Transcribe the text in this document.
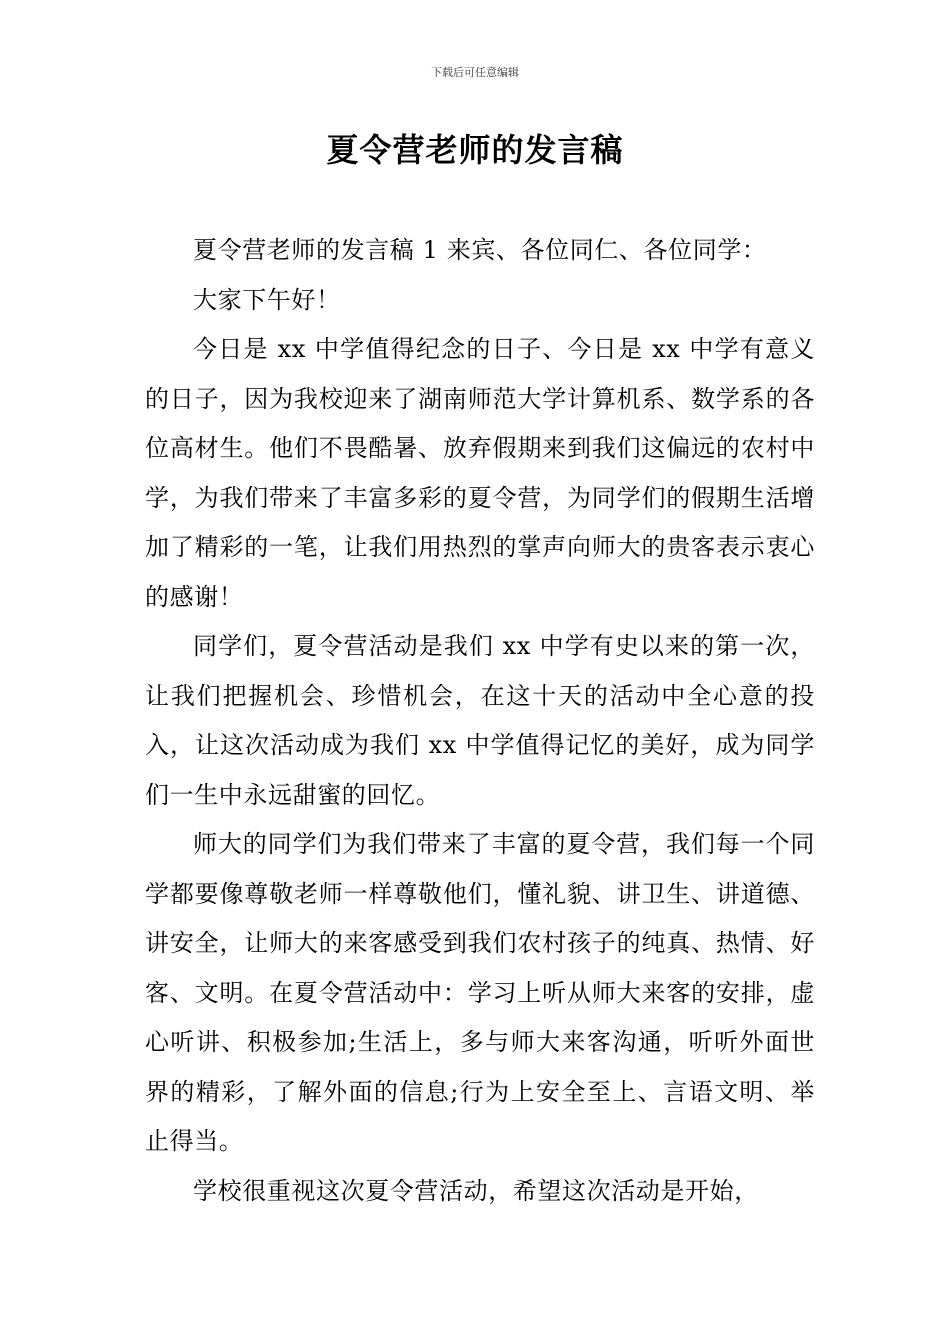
下载后可任意编辑
夏令营老师的发言稿

夏令营老师的发言稿 1 来宾、各位同仁、各位同学：

大家下午好！

今日是 xx 中学值得纪念的日子、今日是 xx 中学有意义的日子，因为我校迎来了湖南师范大学计算机系、数学系的各位高材生。他们不畏酷暑、放弃假期来到我们这偏远的农村中学，为我们带来了丰富多彩的夏令营，为同学们的假期生活增加了精彩的一笔，让我们用热烈的掌声向师大的贵客表示衷心的感谢！

同学们，夏令营活动是我们 xx 中学有史以来的第一次，让我们把握机会、珍惜机会，在这十天的活动中全心意的投入，让这次活动成为我们 xx 中学值得记忆的美好，成为同学们一生中永远甜蜜的回忆。

师大的同学们为我们带来了丰富的夏令营，我们每一个同学都要像尊敬老师一样尊敬他们，懂礼貌、讲卫生、讲道德、讲安全，让师大的来客感受到我们农村孩子的纯真、热情、好客、文明。在夏令营活动中：学习上听从师大来客的安排，虚心听讲、积极参加;生活上，多与师大来客沟通，听听外面世界的精彩，了解外面的信息;行为上安全至上、言语文明、举止得当。

学校很重视这次夏令营活动，希望这次活动是开始，
